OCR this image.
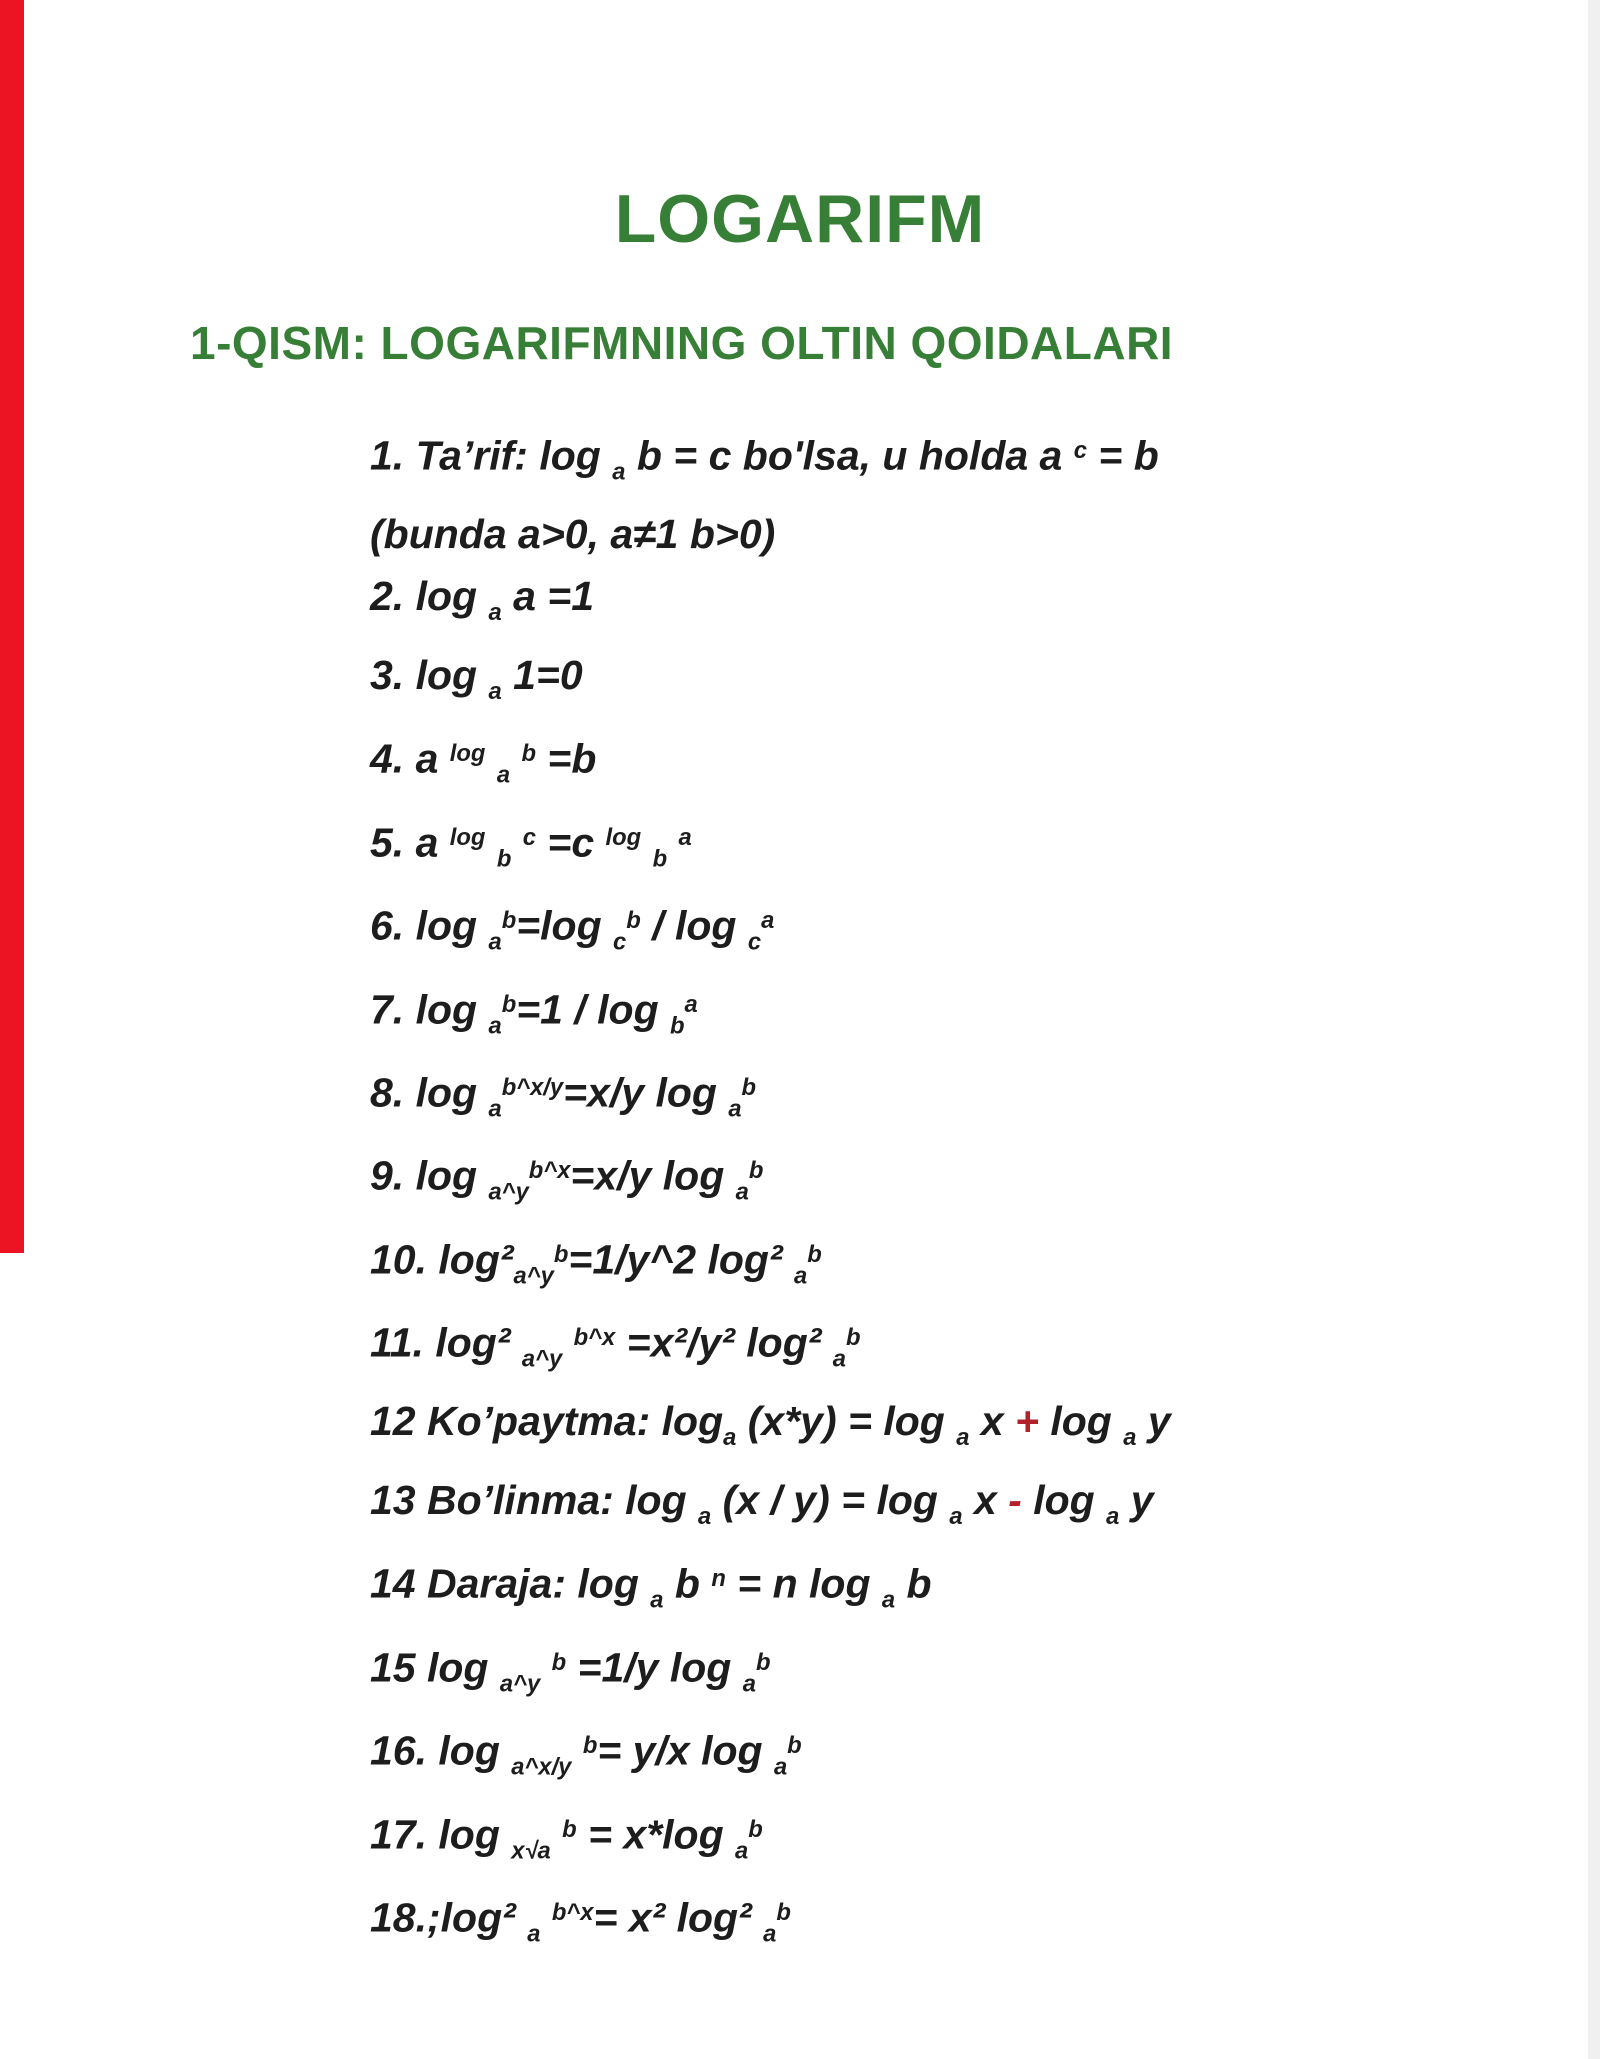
LOGARIFM
1-QISM: LOGARIFMNING OLTIN QOIDALARI
1. Ta’rif: log $_a$ b = c bo'lsa, u holda a $^c$ = b
(bunda a>0, a≠1 b>0)
2. log $_a$ a =1
3. log $_a$ 1=0
4. a $^{log}$ $_a$ $^b$ =b
5. a $^{log}$ $_b$ $^c$ =c $^{log}$ $_b$ $^a$
6. log $_a^b$=log $_c^b$ / log $_c^a$
7. log $_a^b$=1 / log $_b^a$
8. log $_a^{b\^{}x/y}$=x/y log $_a^b$
9. log $_{a\^{}y}^{b\^{}x}$=x/y log $_a^b$
10. $\log^2_{a\^{}y}^b=1/y\^{}2$ log² $_a^b$
11. log² $_{a\^{}y}$ $^{b\^{}x}$ =x²/y² log² $_a^b$
12 Ko’paytma: $\log_a (x*y) = \log _a$ x + log $_a$ y
13 Bo’linma: log $_a$ (x / y) = log $_a$ x - log $_a$ y
14 Daraja: log $_a$ b $^n$ = n log $_a$ b
15 log $_{a\^{}y}$ $^b$ =1/y log $_a^b$
16. log $_{a\^{}x/y}$ $^b$= y/x log $_a^b$
17. log $_{x√a}$ $^b$ = x*log $_a^b$
18.;log² $_a$ $^{b\^{}x}$= x² log² $_a^b$
